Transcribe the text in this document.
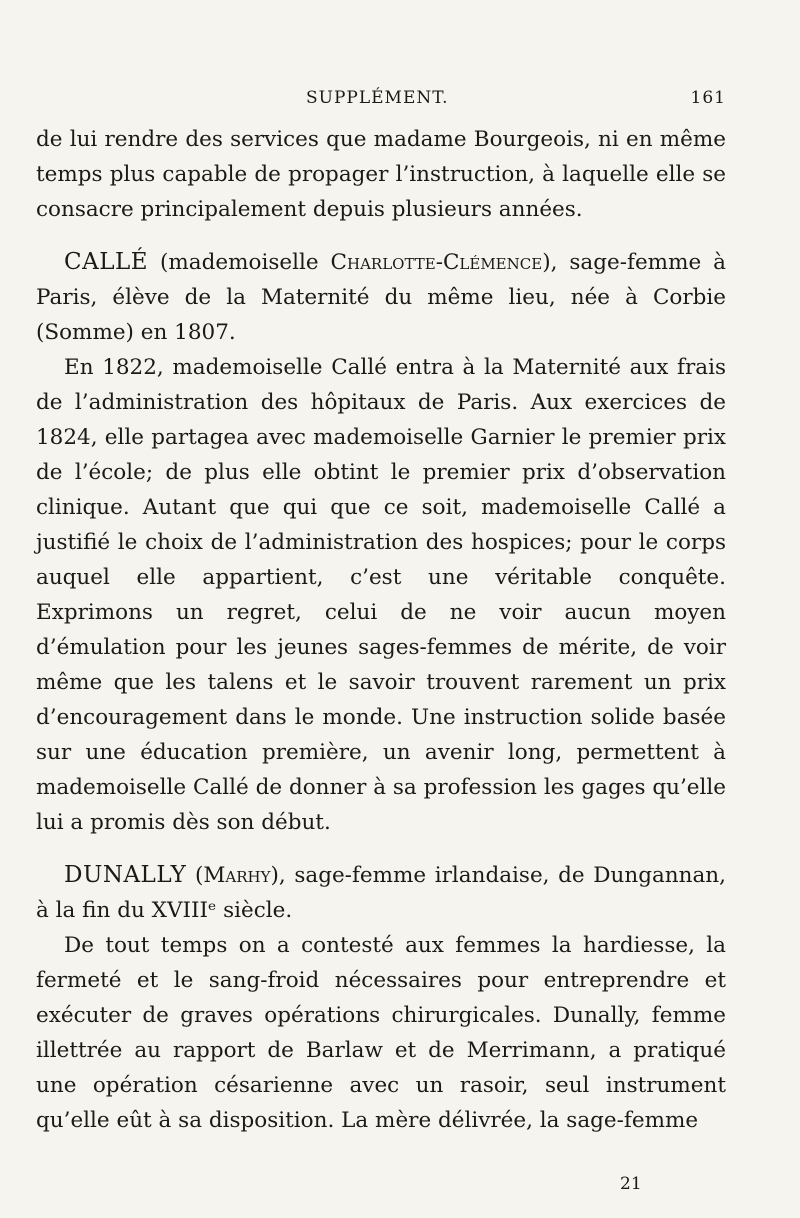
SUPPLÉMENT.	161

de lui rendre des services que madame Bourgeois, ni en même temps plus capable de propager l’instruction, à laquelle elle se consacre principalement depuis plusieurs années.

CALLÉ (mademoiselle Charlotte-Clémence), sage-femme à Paris, élève de la Maternité du même lieu, née à Corbie (Somme) en 1807.

En 1822, mademoiselle Callé entra à la Maternité aux frais de l’administration des hôpitaux de Paris. Aux exercices de 1824, elle partagea avec mademoiselle Garnier le premier prix de l’école; de plus elle obtint le premier prix d’observation clinique. Autant que qui que ce soit, mademoiselle Callé a justifié le choix de l’administration des hospices; pour le corps auquel elle appartient, c’est une véritable conquête. Exprimons un regret, celui de ne voir aucun moyen d’émulation pour les jeunes sages-femmes de mérite, de voir même que les talens et le savoir trouvent rarement un prix d’encouragement dans le monde. Une instruction solide basée sur une éducation première, un avenir long, permettent à mademoiselle Callé de donner à sa profession les gages qu’elle lui a promis dès son début.

DUNALLY (Marhy), sage-femme irlandaise, de Dungannan, à la fin du XVIIIᵉ siècle.

De tout temps on a contesté aux femmes la hardiesse, la fermeté et le sang-froid nécessaires pour entreprendre et exécuter de graves opérations chirurgicales. Dunally, femme illettrée au rapport de Barlaw et de Merrimann, a pratiqué une opération césarienne avec un rasoir, seul instrument qu’elle eût à sa disposition. La mère délivrée, la sage-femme

21
